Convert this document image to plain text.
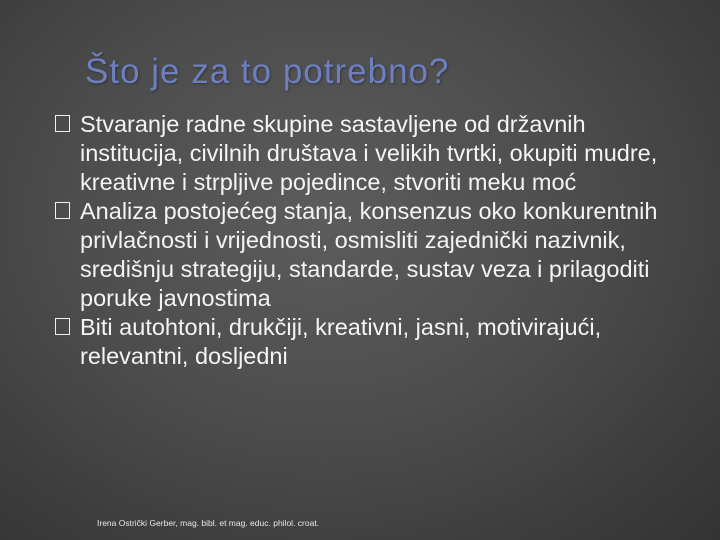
Što je za to potrebno?
Stvaranje radne skupine sastavljene od državnih institucija, civilnih društava i velikih tvrtki, okupiti mudre, kreativne i strpljive pojedince, stvoriti meku moć
Analiza postojećeg stanja, konsenzus oko konkurentnih privlačnosti i vrijednosti, osmisliti zajednički nazivnik, središnju strategiju, standarde, sustav veza i prilagoditi poruke javnostima
Biti autohtoni, drukčiji, kreativni, jasni, motivirajući, relevantni, dosljedni
Irena Ostrički Gerber, mag. bibl. et mag. educ. philol. croat.
